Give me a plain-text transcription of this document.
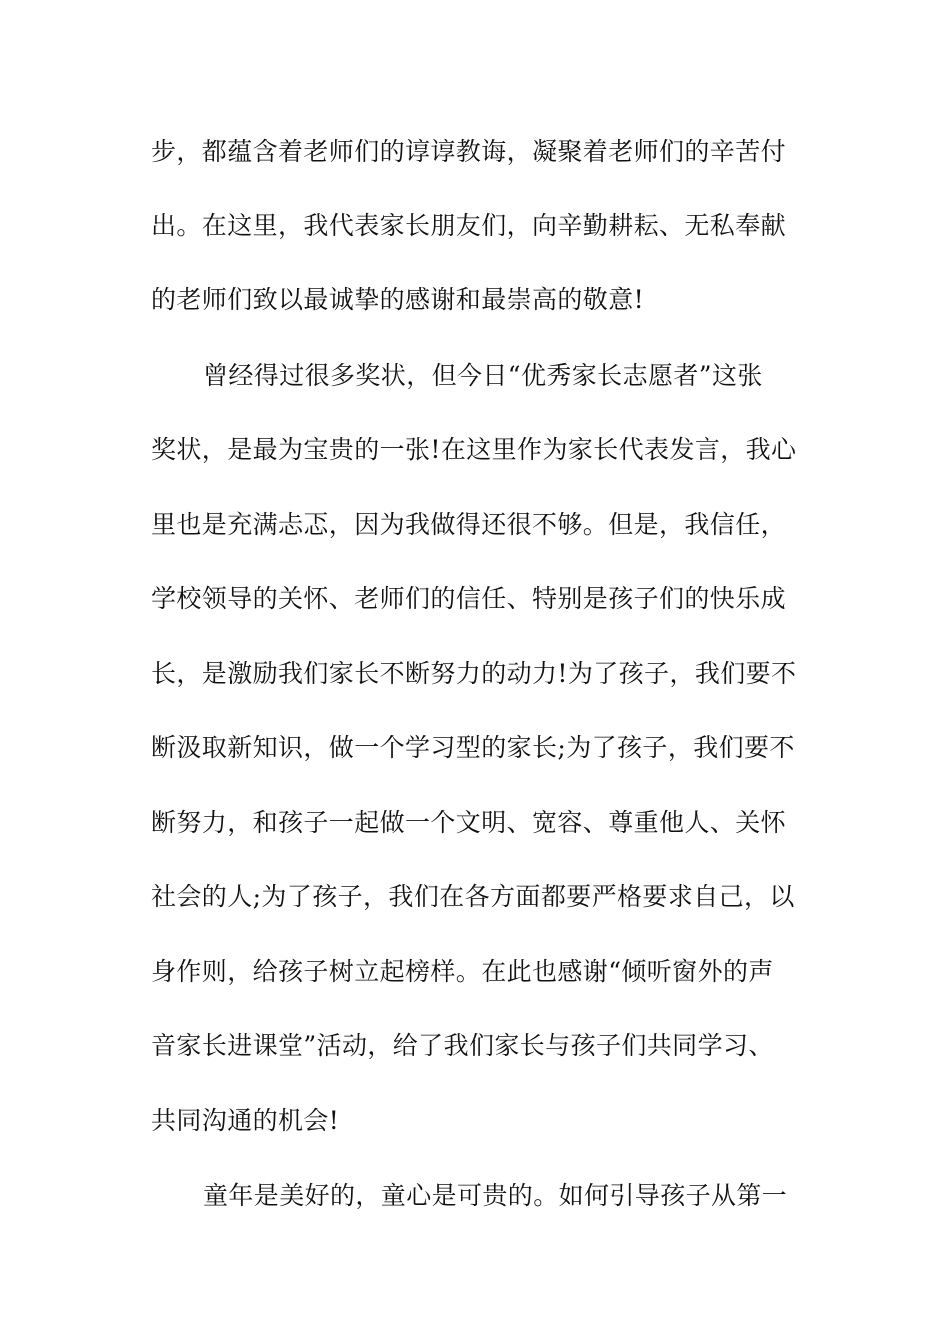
步，都蕴含着老师们的谆谆教诲，凝聚着老师们的辛苦付
出。在这里，我代表家长朋友们，向辛勤耕耘、无私奉献
的老师们致以最诚挚的感谢和最崇高的敬意!
曾经得过很多奖状，但今日“优秀家长志愿者”这张
奖状，是最为宝贵的一张!在这里作为家长代表发言，我心
里也是充满忐忑，因为我做得还很不够。但是，我信任，
学校领导的关怀、老师们的信任、特别是孩子们的快乐成
长，是激励我们家长不断努力的动力!为了孩子，我们要不
断汲取新知识，做一个学习型的家长;为了孩子，我们要不
断努力，和孩子一起做一个文明、宽容、尊重他人、关怀
社会的人;为了孩子，我们在各方面都要严格要求自己，以
身作则，给孩子树立起榜样。在此也感谢“倾听窗外的声
音家长进课堂”活动，给了我们家长与孩子们共同学习、
共同沟通的机会!
童年是美好的，童心是可贵的。如何引导孩子从第一
